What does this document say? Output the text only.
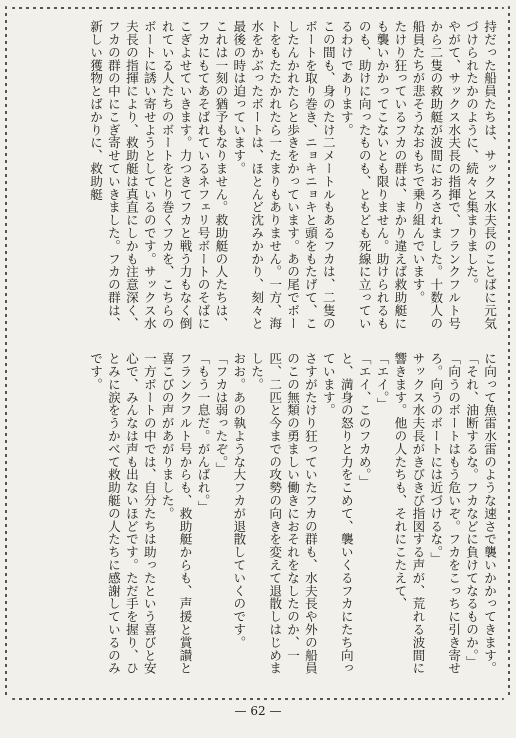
持だった船員たちは、サックス水夫長のことばに元気づけられたかのように、続々と集まりました。

やがて、サックス水夫長の指揮で、フランクフルト号から二隻の救助艇が波間におろされました。十数人の船員たちが悲そうなおもちで乗り組んでいます。

たけり狂っているフカの群は、まかり違えば救助艇にも襲いかかってこないとも限りません。助けられるものも、助けに向ったものも、ともども死線に立っているわけであります。

この間も、身のたけ二メートルもあるフカは、二隻のボートを取り巻き、ニョキニョキと頭をもたげて、こしたんかれたらと歩きをかっています。あの尾でボートをもたたかれたら一たまりもありません。一方、海水をかぶったボートは、ほとんど沈みかかり、刻々と最後の時は迫っています。

これは一刻の猶予もなりません。救助艇の人たちは、フカにもてあそばれているネフェリ号ボートのそばにこぎよせていきます。力つきてフカと戦う力もなく倒れている人たちのボートをとり巻くフカを、こちらのボートに誘い寄せようとしているのです。サックス水夫長の指揮により、救助艇は真直にしかも注意深く、フカの群の中にこぎ寄せていきました。フカの群は、新しい獲物とばかりに、救助艇

に向って魚雷水雷のような速さで襲いかかってきます。

「それ、油断するな。フカなどに負けてなるものか。」

「向うのボートはもう危いぞ。フカをこっちに引き寄せろ。向うのボートには近づけるな。」

サックス水夫長がきびきび指図する声が、荒れる波間に響きます。他の人たちも、それにこたえて、

「エイ。」

「エイ、このフカめ。」

と、満身の怒りと力をこめて、襲いくるフカにたち向っています。

さすがたけり狂っていたフカの群も、水夫長や外の船員のこの無類の勇ましい働きにおそれをなしたのか、一匹、二匹と今までの攻勢の向きを変えて退散しはじめました。

おお。あの執ような大フカが退散していくのです。

「フカは弱ったぞ。」

「もう一息だ。がんばれ。」

フランクフルト号からも、救助艇からも、声援と賞讃と喜こびの声があがりました。

一方ボートの中では、自分たちは助ったという喜びと安心で、みんなは声も出ないほどです。ただ手を握り、ひとみに涙をうかべて救助艇の人たちに感謝しているのみです。

— 62 —
